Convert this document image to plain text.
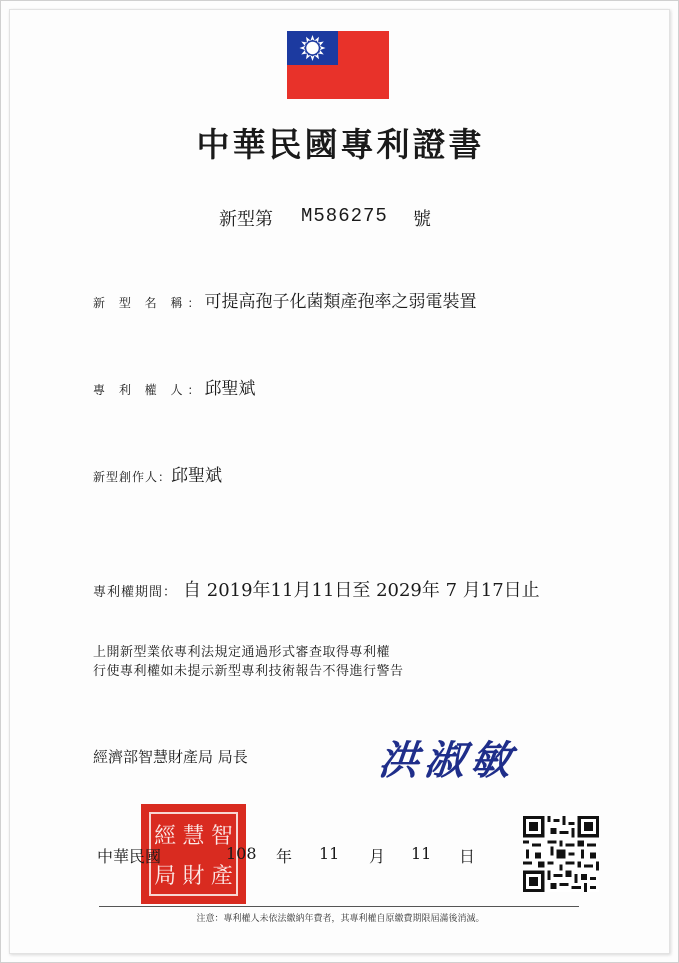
中華民國專利證書
新型第 M586275 號
新 型 名 稱：可提高孢子化菌類產孢率之弱電裝置
專 利 權 人：邱聖斌
新型創作人：邱聖斌
專利權期間： 自 2019年11月11日至 2029年 7 月17日止
上開新型業依專利法規定通過形式審查取得專利權
行使專利權如未提示新型專利技術報告不得進行警告
經濟部智慧財產局 局長	洪淑敏
經 慧 智
局 財 產
中華民國	108 年 11 月 11 日
注意：專利權人未依法繳納年費者，其專利權自原繳費期限屆滿後消滅。
